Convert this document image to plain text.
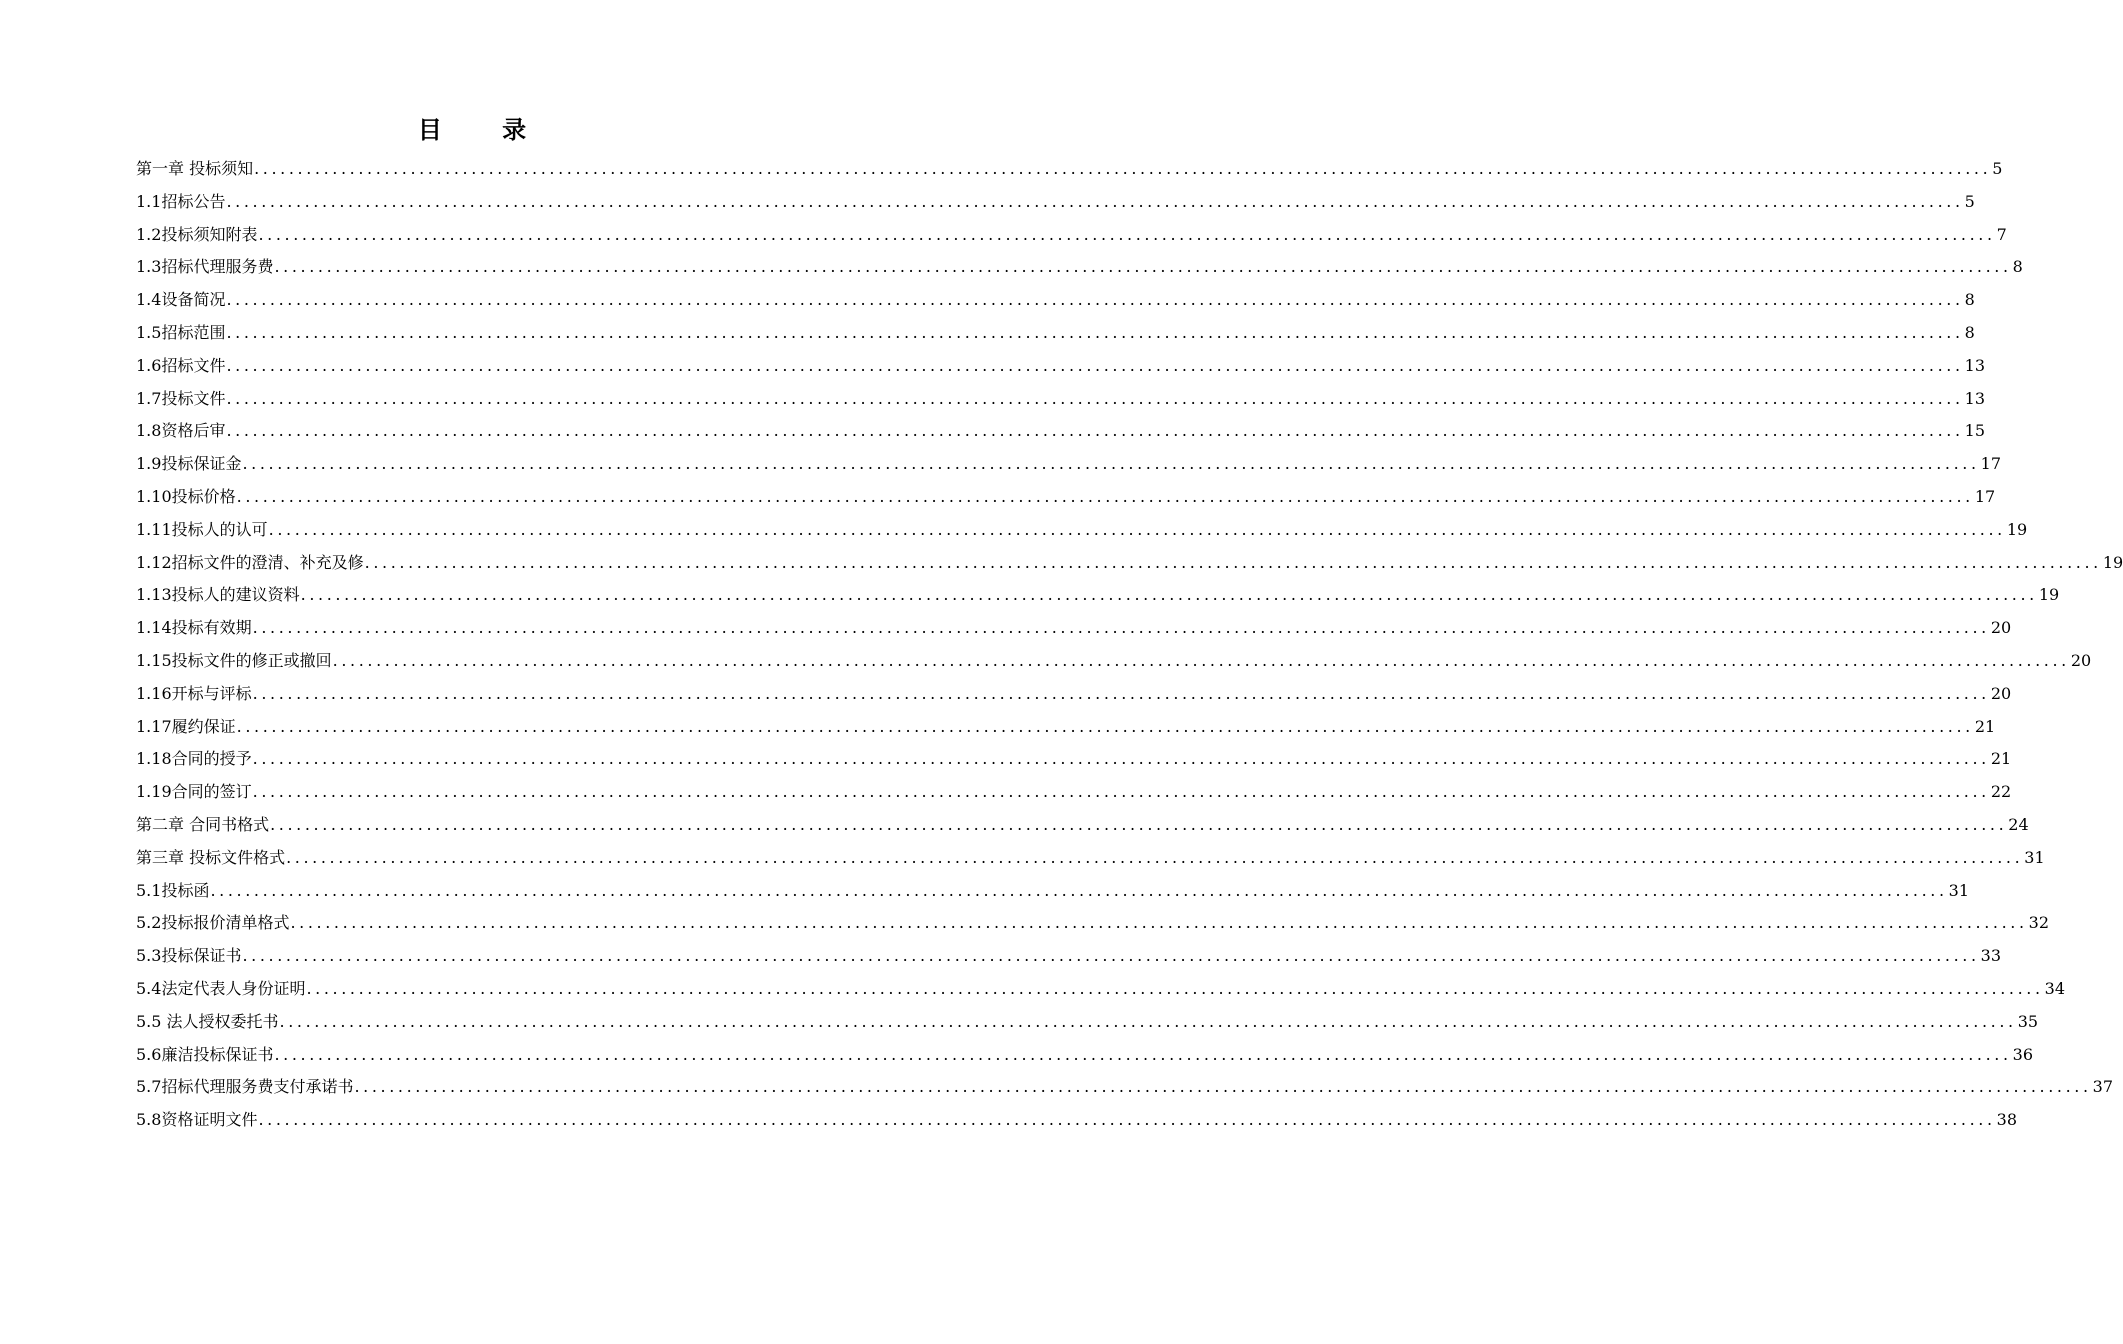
目 录
第一章 投标须知 ........................................................................................................................................................................................................ 5
1.1招标公告 ........................................................................................................................................................................................................ 5
1.2投标须知附表 ........................................................................................................................................................................................................ 7
1.3招标代理服务费 ........................................................................................................................................................................................................ 8
1.4设备简况 ........................................................................................................................................................................................................ 8
1.5招标范围 ........................................................................................................................................................................................................ 8
1.6招标文件 ........................................................................................................................................................................................................ 13
1.7投标文件 ........................................................................................................................................................................................................ 13
1.8资格后审 ........................................................................................................................................................................................................ 15
1.9投标保证金 ........................................................................................................................................................................................................ 17
1.10投标价格 ........................................................................................................................................................................................................ 17
1.11投标人的认可 ........................................................................................................................................................................................................ 19
1.12招标文件的澄清、补充及修 ........................................................................................................................................................................................................ 19
1.13投标人的建议资料 ........................................................................................................................................................................................................ 19
1.14投标有效期 ........................................................................................................................................................................................................ 20
1.15投标文件的修正或撤回 ........................................................................................................................................................................................................ 20
1.16开标与评标 ........................................................................................................................................................................................................ 20
1.17履约保证 ........................................................................................................................................................................................................ 21
1.18合同的授予 ........................................................................................................................................................................................................ 21
1.19合同的签订 ........................................................................................................................................................................................................ 22
第二章 合同书格式 ........................................................................................................................................................................................................ 24
第三章 投标文件格式 ........................................................................................................................................................................................................ 31
5.1投标函 ........................................................................................................................................................................................................ 31
5.2投标报价清单格式 ........................................................................................................................................................................................................ 32
5.3投标保证书 ........................................................................................................................................................................................................ 33
5.4法定代表人身份证明 ........................................................................................................................................................................................................ 34
5.5 法人授权委托书 ........................................................................................................................................................................................................ 35
5.6廉洁投标保证书 ........................................................................................................................................................................................................ 36
5.7招标代理服务费支付承诺书 ........................................................................................................................................................................................................ 37
5.8资格证明文件 ........................................................................................................................................................................................................ 38
